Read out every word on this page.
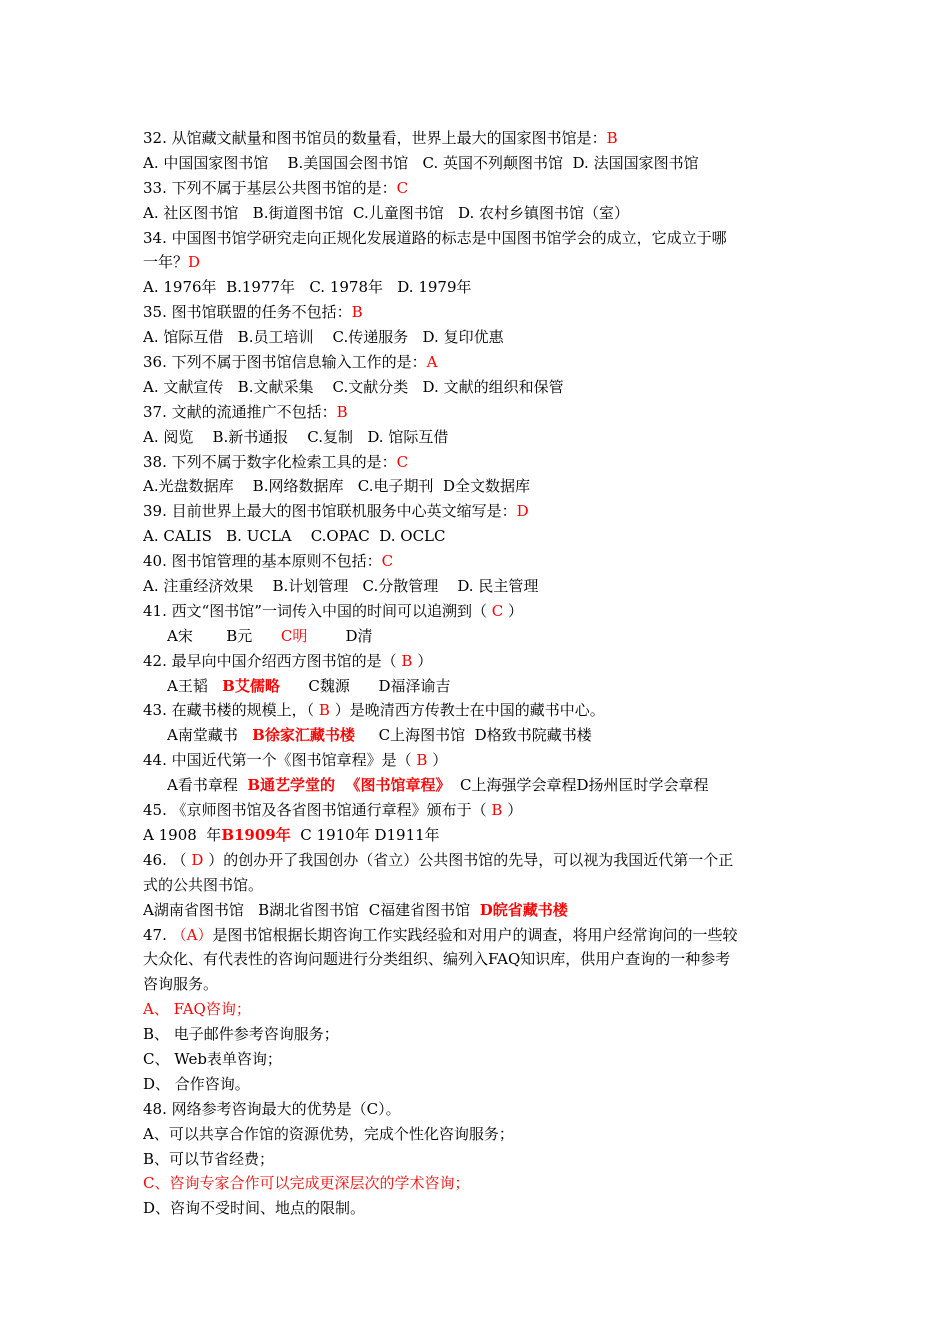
32. 从馆藏文献量和图书馆员的数量看，世界上最大的国家图书馆是：B
A. 中国国家图书馆    B.美国国会图书馆   C. 英国不列颠图书馆  D. 法国国家图书馆
33. 下列不属于基层公共图书馆的是：C
A. 社区图书馆   B.街道图书馆  C.儿童图书馆   D. 农村乡镇图书馆（室）
34. 中国图书馆学研究走向正规化发展道路的标志是中国图书馆学会的成立，它成立于哪
一年？D
A. 1976年  B.1977年   C. 1978年   D. 1979年
35. 图书馆联盟的任务不包括：B
A. 馆际互借   B.员工培训    C.传递服务   D. 复印优惠
36. 下列不属于图书馆信息输入工作的是：A
A. 文献宣传   B.文献采集    C.文献分类   D. 文献的组织和保管
37. 文献的流通推广不包括：B
A. 阅览    B.新书通报    C.复制   D. 馆际互借
38. 下列不属于数字化检索工具的是：C
A.光盘数据库    B.网络数据库   C.电子期刊  D全文数据库
39. 目前世界上最大的图书馆联机服务中心英文缩写是：D
A. CALIS   B. UCLA    C.OPAC  D. OCLC
40. 图书馆管理的基本原则不包括：C
A. 注重经济效果    B.计划管理   C.分散管理    D. 民主管理
41. 西文“图书馆”一词传入中国的时间可以追溯到（ C ）
A宋       B元      C明        D清
42. 最早向中国介绍西方图书馆的是（ B ）
A王韬   B艾儒略      C魏源      D福泽谕吉
43. 在藏书楼的规模上，（ B ）是晚清西方传教士在中国的藏书中心。
A南堂藏书   B徐家汇藏书楼     C上海图书馆  D格致书院藏书楼
44. 中国近代第一个《图书馆章程》是（ B ）
A看书章程  B通艺学堂的  《图书馆章程》  C上海强学会章程D扬州匡时学会章程
45. 《京师图书馆及各省图书馆通行章程》颁布于（ B ）
A 1908  年B1909年  C 1910年 D1911年
46. （ D ）的创办开了我国创办（省立）公共图书馆的先导，可以视为我国近代第一个正
式的公共图书馆。
A湖南省图书馆   B湖北省图书馆  C福建省图书馆  D皖省藏书楼
47. （A）是图书馆根据长期咨询工作实践经验和对用户的调查，将用户经常询问的一些较
大众化、有代表性的咨询问题进行分类组织、编列入FAQ知识库，供用户查询的一种参考
咨询服务。
A、 FAQ咨询；
B、 电子邮件参考咨询服务；
C、 Web表单咨询；
D、 合作咨询。
48. 网络参考咨询最大的优势是（C）。
A、可以共享合作馆的资源优势，完成个性化咨询服务；
B、可以节省经费；
C、咨询专家合作可以完成更深层次的学术咨询；
D、咨询不受时间、地点的限制。
